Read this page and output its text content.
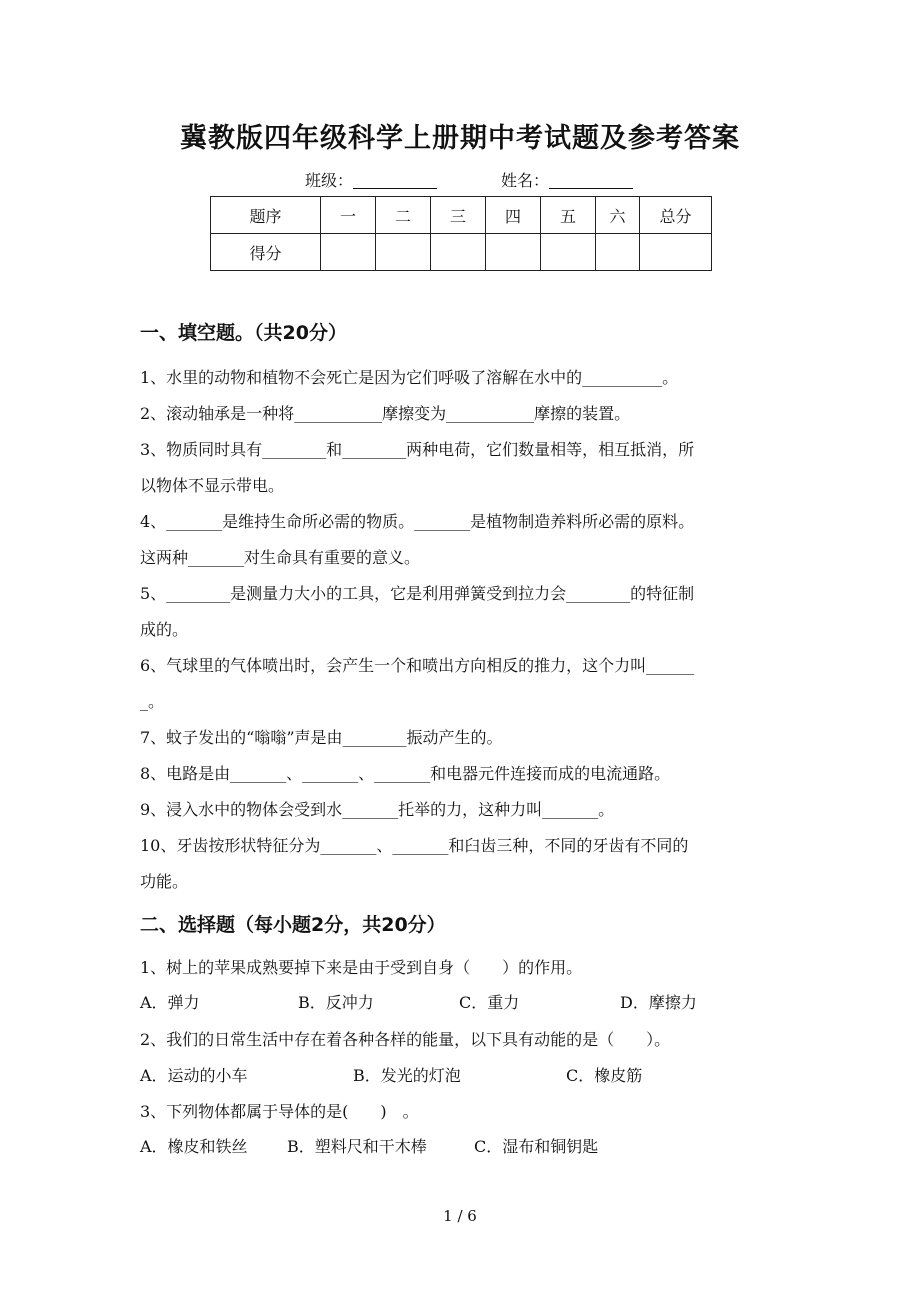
冀教版四年级科学上册期中考试题及参考答案
班级：	姓名：
题序	一	二	三	四	五	六	总分
得分							
一、填空题。（共20分）
1、水里的动物和植物不会死亡是因为它们呼吸了溶解在水中的__________。
2、滚动轴承是一种将___________摩擦变为___________摩擦的装置。
3、物质同时具有________和________两种电荷，它们数量相等，相互抵消，所
以物体不显示带电。
4、_______是维持生命所必需的物质。_______是植物制造养料所必需的原料。
这两种_______对生命具有重要的意义。
5、________是测量力大小的工具，它是利用弹簧受到拉力会________的特征制
成的。
6、气球里的气体喷出时，会产生一个和喷出方向相反的推力，这个力叫______
_。
7、蚊子发出的“嗡嗡”声是由________振动产生的。
8、电路是由_______、_______、_______和电器元件连接而成的电流通路。
9、浸入水中的物体会受到水_______托举的力，这种力叫_______。
10、牙齿按形状特征分为_______、_______和臼齿三种，不同的牙齿有不同的
功能。
二、选择题（每小题2分，共20分）
1、树上的苹果成熟要掉下来是由于受到自身（　　）的作用。
A．弹力	B．反冲力	C．重力	D．摩擦力
2、我们的日常生活中存在着各种各样的能量，以下具有动能的是（　　）。
A．运动的小车	B．发光的灯泡	C．橡皮筋
3、下列物体都属于导体的是(　　)　。
A．橡皮和铁丝 B．塑料尺和干木棒	C．湿布和铜钥匙
1 / 6
